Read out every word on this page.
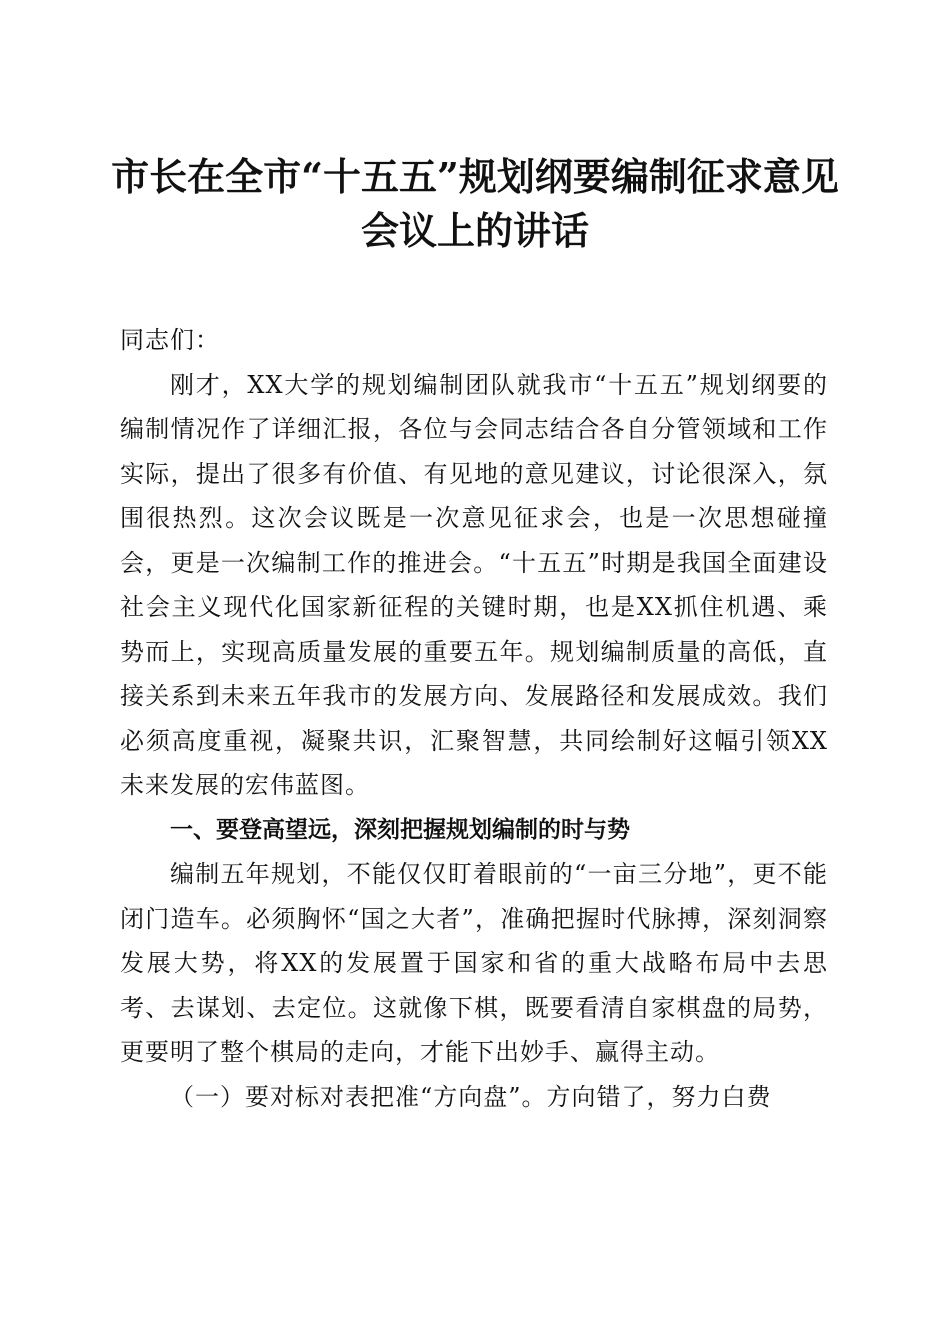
市长在全市“十五五”规划纲要编制征求意见会议上的讲话

同志们：

刚才，XX大学的规划编制团队就我市“十五五”规划纲要的编制情况作了详细汇报，各位与会同志结合各自分管领域和工作实际，提出了很多有价值、有见地的意见建议，讨论很深入，氛围很热烈。这次会议既是一次意见征求会，也是一次思想碰撞会，更是一次编制工作的推进会。“十五五”时期是我国全面建设社会主义现代化国家新征程的关键时期，也是XX抓住机遇、乘势而上，实现高质量发展的重要五年。规划编制质量的高低，直接关系到未来五年我市的发展方向、发展路径和发展成效。我们必须高度重视，凝聚共识，汇聚智慧，共同绘制好这幅引领XX未来发展的宏伟蓝图。

一、要登高望远，深刻把握规划编制的时与势

编制五年规划，不能仅仅盯着眼前的“一亩三分地”，更不能闭门造车。必须胸怀“国之大者”，准确把握时代脉搏，深刻洞察发展大势，将XX的发展置于国家和省的重大战略布局中去思考、去谋划、去定位。这就像下棋，既要看清自家棋盘的局势，更要明了整个棋局的走向，才能下出妙手、赢得主动。

（一）要对标对表把准“方向盘”。方向错了，努力白费
